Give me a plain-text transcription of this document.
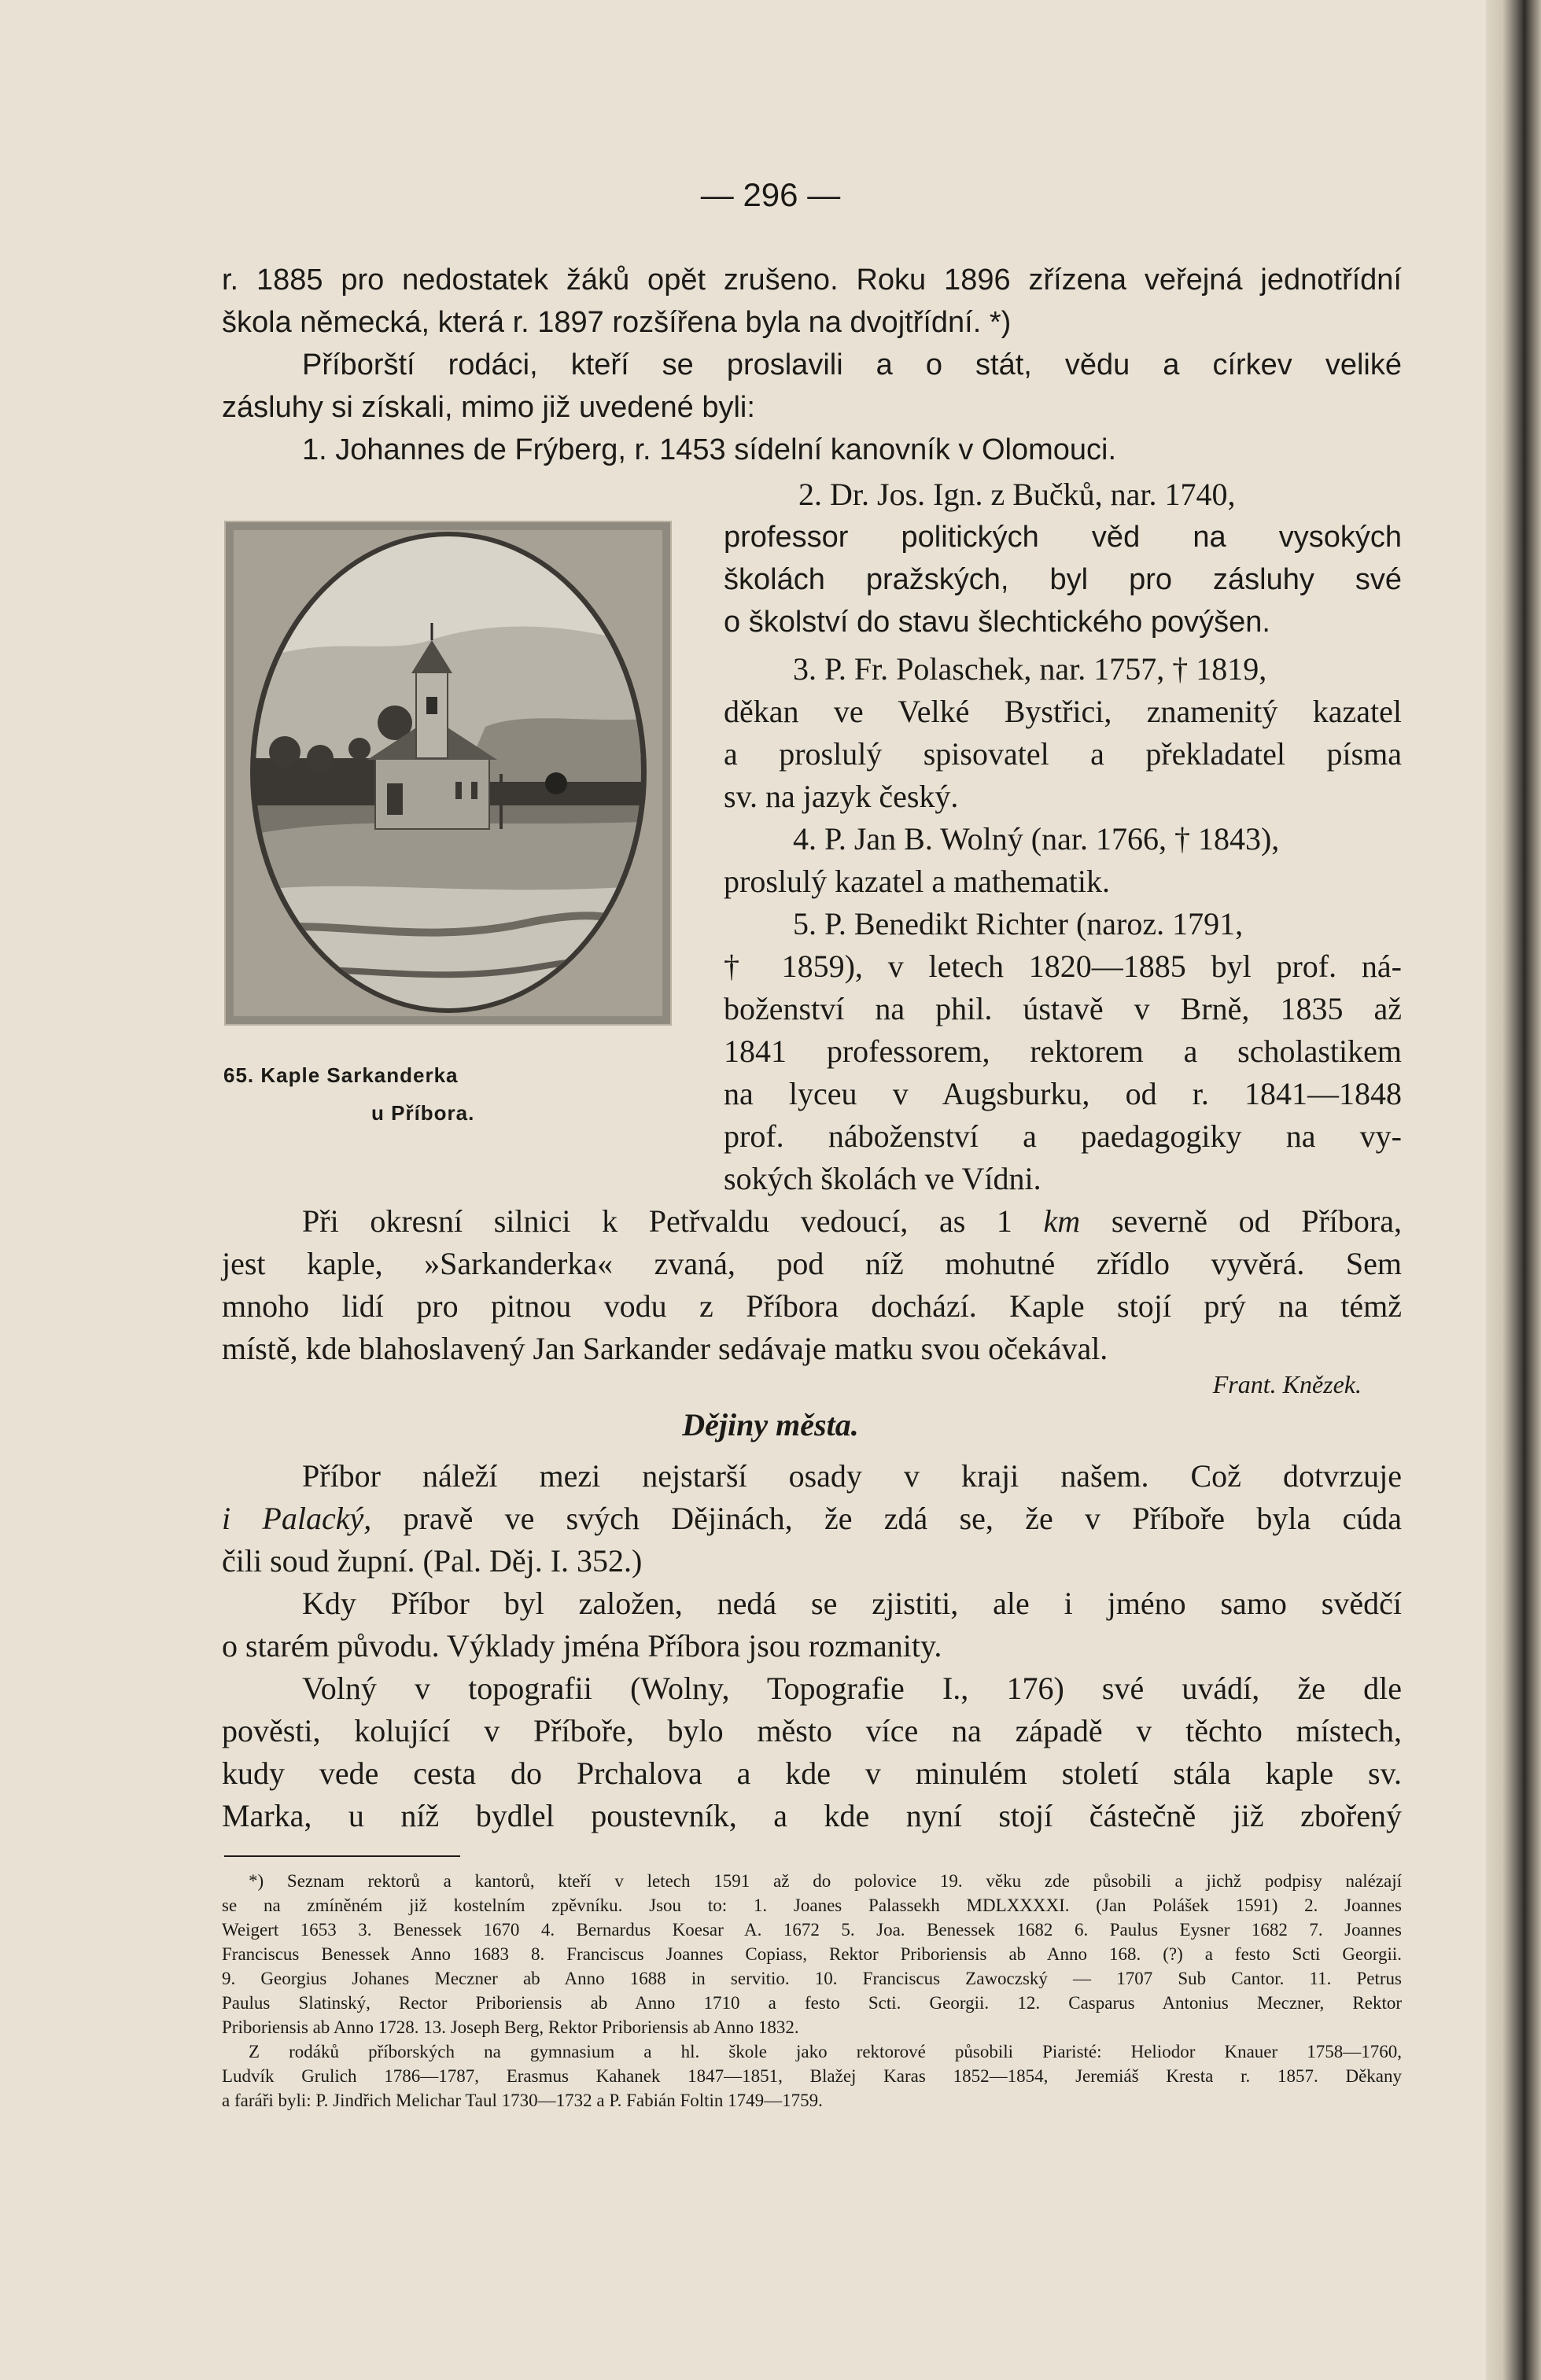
— 296 —
r. 1885 pro nedostatek žáků opět zrušeno. Roku 1896 zřízena veřejná jednotřídní
škola německá, která r. 1897 rozšířena byla na dvojtřídní. *)
Příborští rodáci, kteří se proslavili a o stát, vědu a církev veliké
zásluhy si získali, mimo již uvedené byli:
1. Johannes de Frýberg, r. 1453 sídelní kanovník v Olomouci.
65. Kaple Sarkanderka
u Příbora.
2. Dr. Jos. Ign. z Bučků, nar. 1740,
professor politických věd na vysokých
školách pražských, byl pro zásluhy své
o školství do stavu šlechtického povýšen.
3. P. Fr. Polaschek, nar. 1757, † 1819,
děkan ve Velké Bystřici, znamenitý kazatel
a proslulý spisovatel a překladatel písma
sv. na jazyk český.
4. P. Jan B. Wolný (nar. 1766, † 1843),
proslulý kazatel a mathematik.
5. P. Benedikt Richter (naroz. 1791,
† 1859), v letech 1820—1885 byl prof. ná-
boženství na phil. ústavě v Brně, 1835 až
1841 professorem, rektorem a scholastikem
na lyceu v Augsburku, od r. 1841—1848
prof. náboženství a paedagogiky na vy-
sokých školách ve Vídni.
Při okresní silnici k Petřvaldu vedoucí, as 1 km severně od Příbora,
jest kaple, »Sarkanderka« zvaná, pod níž mohutné zřídlo vyvěrá. Sem
mnoho lidí pro pitnou vodu z Příbora dochází. Kaple stojí prý na témž
místě, kde blahoslavený Jan Sarkander sedávaje matku svou očekával.
Frant. Knězek.
Dějiny města.
Příbor náleží mezi nejstarší osady v kraji našem. Což dotvrzuje
i Palacký, pravě ve svých Dějinách, že zdá se, že v Příboře byla cúda
čili soud župní. (Pal. Děj. I. 352.)
Kdy Příbor byl založen, nedá se zjistiti, ale i jméno samo svědčí
o starém původu. Výklady jména Příbora jsou rozmanity.
Volný v topografii (Wolny, Topografie I., 176) své uvádí, že dle
pověsti, kolující v Příboře, bylo město více na západě v těchto místech,
kudy vede cesta do Prchalova a kde v minulém století stála kaple sv.
Marka, u níž bydlel poustevník, a kde nyní stojí částečně již zbořený
*) Seznam rektorů a kantorů, kteří v letech 1591 až do polovice 19. věku zde působili a jichž podpisy nalézají
se na zmíněném již kostelním zpěvníku. Jsou to: 1. Joanes Palassekh MDLXXXXI. (Jan Polášek 1591) 2. Joannes
Weigert 1653 3. Benessek 1670 4. Bernardus Koesar A. 1672 5. Joa. Benessek 1682 6. Paulus Eysner 1682 7. Joannes
Franciscus Benessek Anno 1683 8. Franciscus Joannes Copiass, Rektor Priboriensis ab Anno 168. (?) a festo Scti Georgii.
9. Georgius Johanes Meczner ab Anno 1688 in servitio. 10. Franciscus Zawoczský — 1707 Sub Cantor. 11. Petrus
Paulus Slatinský, Rector Priboriensis ab Anno 1710 a festo Scti. Georgii. 12. Casparus Antonius Meczner, Rektor
Priboriensis ab Anno 1728. 13. Joseph Berg, Rektor Priboriensis ab Anno 1832.
Z rodáků příborských na gymnasium a hl. škole jako rektorové působili Piaristé: Heliodor Knauer 1758—1760,
Ludvík Grulich 1786—1787, Erasmus Kahanek 1847—1851, Blažej Karas 1852—1854, Jeremiáš Kresta r. 1857. Děkany
a faráři byli: P. Jindřich Melichar Taul 1730—1732 a P. Fabián Foltin 1749—1759.
